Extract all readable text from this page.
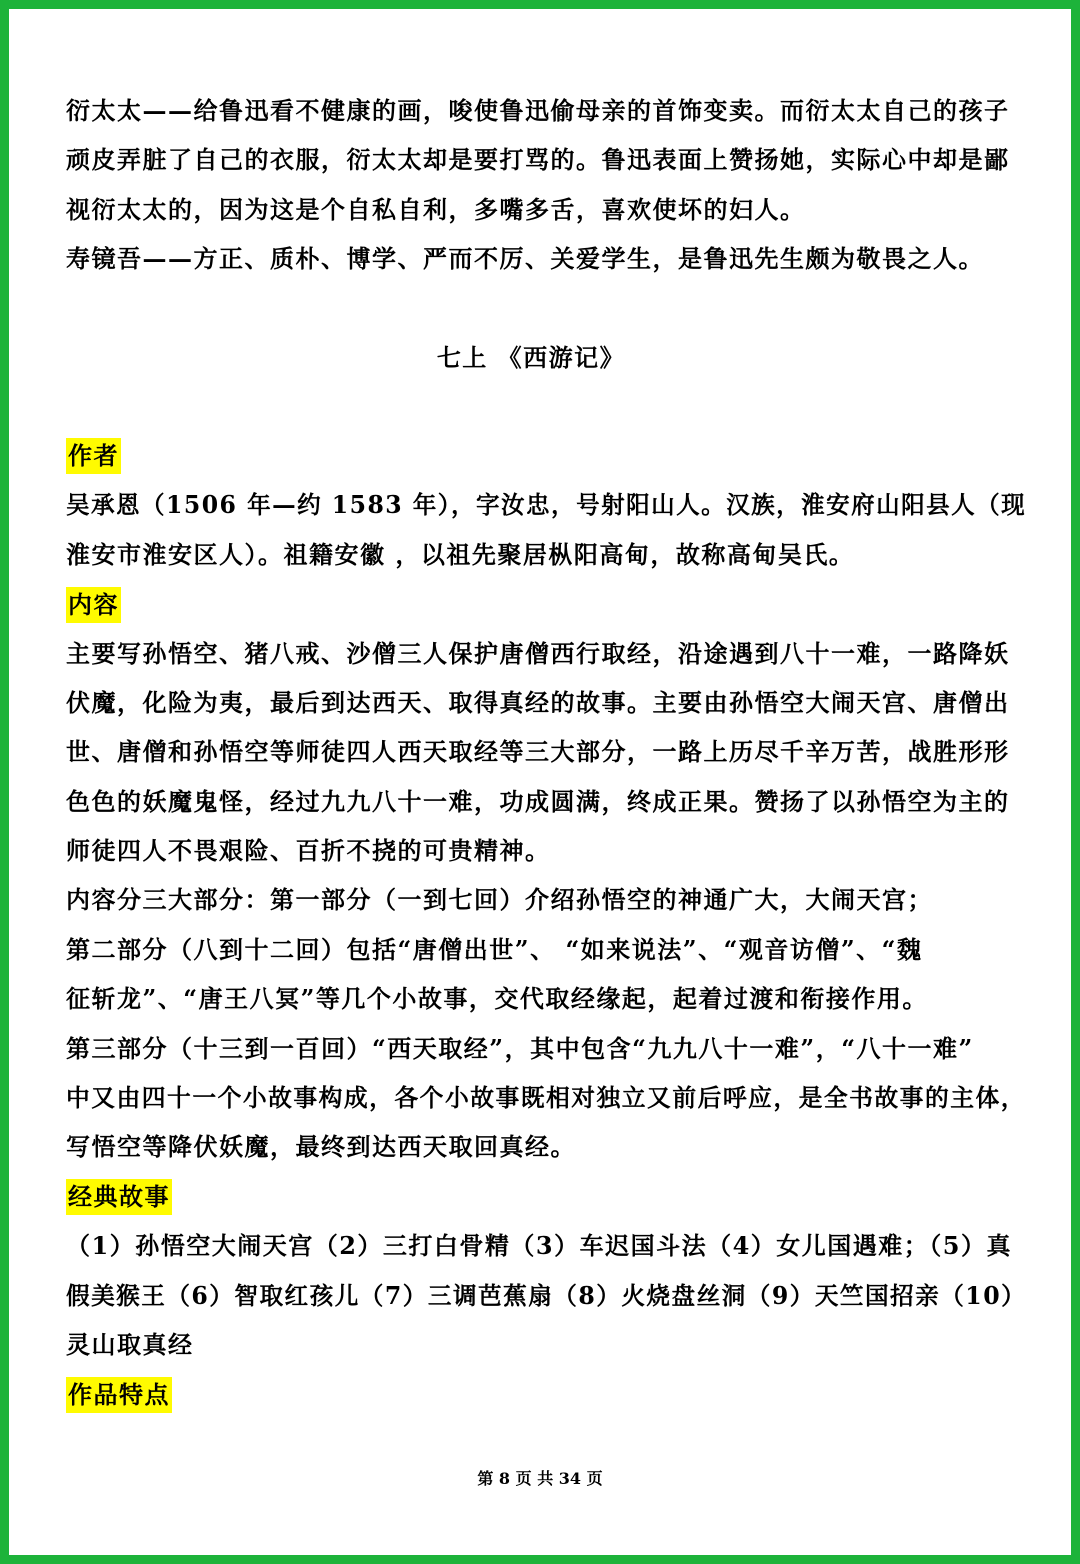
衍太太——给鲁迅看不健康的画，唆使鲁迅偷母亲的首饰变卖。而衍太太自己的孩子
顽皮弄脏了自己的衣服，衍太太却是要打骂的。鲁迅表面上赞扬她，实际心中却是鄙
视衍太太的，因为这是个自私自利，多嘴多舌，喜欢使坏的妇人。
寿镜吾——方正、质朴、博学、严而不厉、关爱学生，是鲁迅先生颇为敬畏之人。
七上 《西游记》
作者
吴承恩（1506 年—约 1583 年），字汝忠，号射阳山人。汉族，淮安府山阳县人（现
淮安市淮安区人）。祖籍安徽 ，以祖先聚居枞阳高甸，故称高甸吴氏。
内容
主要写孙悟空、猪八戒、沙僧三人保护唐僧西行取经，沿途遇到八十一难，一路降妖
伏魔，化险为夷，最后到达西天、取得真经的故事。主要由孙悟空大闹天宫、唐僧出
世、唐僧和孙悟空等师徒四人西天取经等三大部分，一路上历尽千辛万苦，战胜形形
色色的妖魔鬼怪，经过九九八十一难，功成圆满，终成正果。赞扬了以孙悟空为主的
师徒四人不畏艰险、百折不挠的可贵精神。
内容分三大部分：第一部分（一到七回）介绍孙悟空的神通广大，大闹天宫；
第二部分（八到十二回）包括“唐僧出世”、 “如来说法”、“观音访僧”、“魏
征斩龙”、“唐王八冥”等几个小故事，交代取经缘起，起着过渡和衔接作用。
第三部分（十三到一百回）“西天取经”，其中包含“九九八十一难”，“八十一难”
中又由四十一个小故事构成，各个小故事既相对独立又前后呼应，是全书故事的主体，
写悟空等降伏妖魔，最终到达西天取回真经。
经典故事
（1）孙悟空大闹天宫（2）三打白骨精（3）车迟国斗法（4）女儿国遇难；（5）真
假美猴王（6）智取红孩儿（7）三调芭蕉扇（8）火烧盘丝洞（9）天竺国招亲（10）
灵山取真经
作品特点
第 8 页 共 34 页
